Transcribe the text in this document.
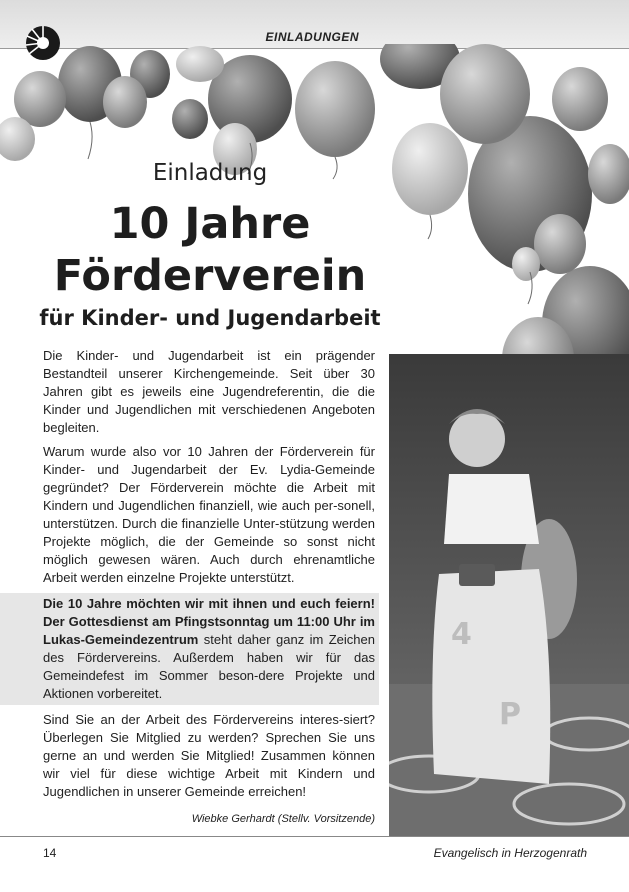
EINLADUNGEN
4
P
Einladung
10 Jahre
Förderverein
für Kinder- und Jugendarbeit

Die Kinder- und Jugendarbeit ist ein prägender Bestandteil unserer Kirchengemeinde. Seit über 30 Jahren gibt es jeweils eine Jugendreferentin, die die Kinder und Jugendlichen mit verschiedenen Angeboten begleiten.

Warum wurde also vor 10 Jahren der Förderverein für Kinder- und Jugendarbeit der Ev. Lydia-Gemeinde gegründet? Der Förderverein möchte die Arbeit mit Kindern und Jugendlichen finanziell, wie auch per-sonell, unterstützen. Durch die finanzielle Unter-stützung werden Projekte möglich, die der Gemeinde so sonst nicht möglich gewesen wären. Auch durch ehrenamtliche Arbeit werden einzelne Projekte unterstützt.

Die 10 Jahre möchten wir mit ihnen und euch feiern! Der Gottesdienst am Pfingstsonntag um 11:00 Uhr im Lukas-Gemeindezentrum steht daher ganz im Zeichen des Fördervereins. Außerdem haben wir für das Gemeindefest im Sommer beson-dere Projekte und Aktionen vorbereitet.

Sind Sie an der Arbeit des Fördervereins interes-siert? Überlegen Sie Mitglied zu werden? Sprechen Sie uns gerne an und werden Sie Mitglied! Zusammen können wir viel für diese wichtige Arbeit mit Kindern und Jugendlichen in unserer Gemeinde erreichen!

Wiebke Gerhardt (Stellv. Vorsitzende)
14	Evangelisch in Herzogenrath
